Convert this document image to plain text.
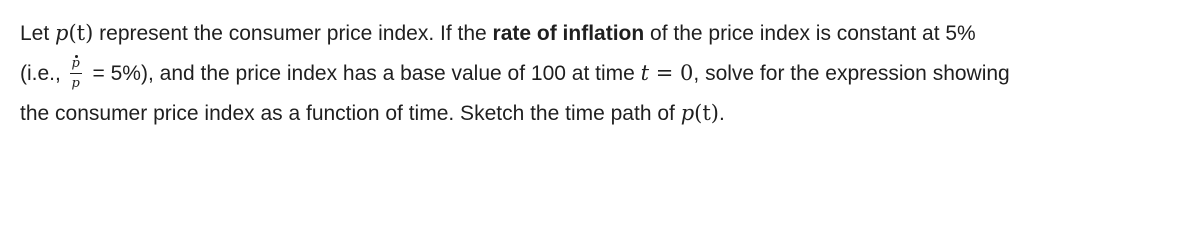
Let p(t) represent the consumer price index. If the rate of inflation of the price index is constant at 5%
(i.e., $\frac{p}{p} = 5\%$), and the price index has a base value of 100 at time t = 0, solve for the expression showing
the consumer price index as a function of time. Sketch the time path of p(t).
